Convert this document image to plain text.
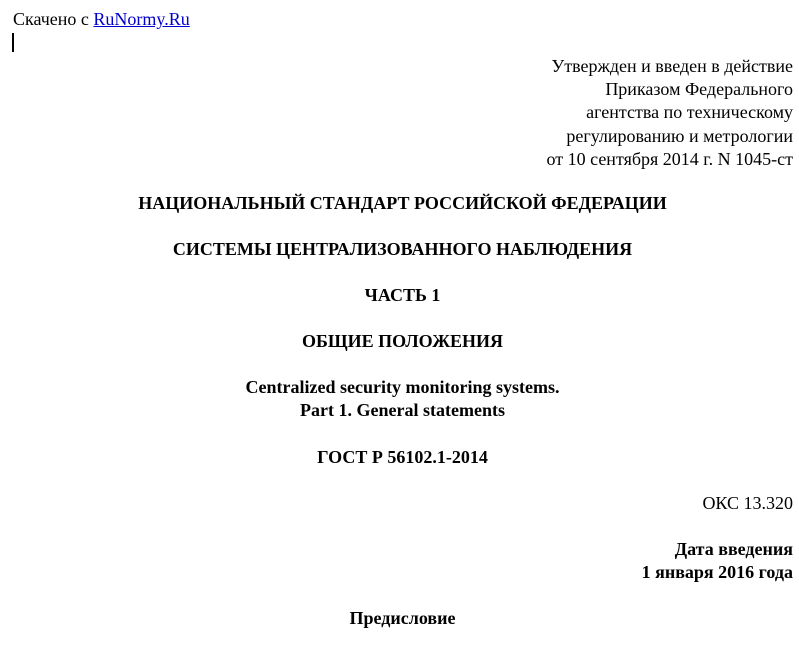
Скачено с RuNormy.Ru
Утвержден и введен в действие
Приказом Федерального
агентства по техническому
регулированию и метрологии
от 10 сентября 2014 г. N 1045-ст
НАЦИОНАЛЬНЫЙ СТАНДАРТ РОССИЙСКОЙ ФЕДЕРАЦИИ
СИСТЕМЫ ЦЕНТРАЛИЗОВАННОГО НАБЛЮДЕНИЯ
ЧАСТЬ 1
ОБЩИЕ ПОЛОЖЕНИЯ
Centralized security monitoring systems.
Part 1. General statements
ГОСТ Р 56102.1-2014
ОКС 13.320
Дата введения
1 января 2016 года
Предисловие
